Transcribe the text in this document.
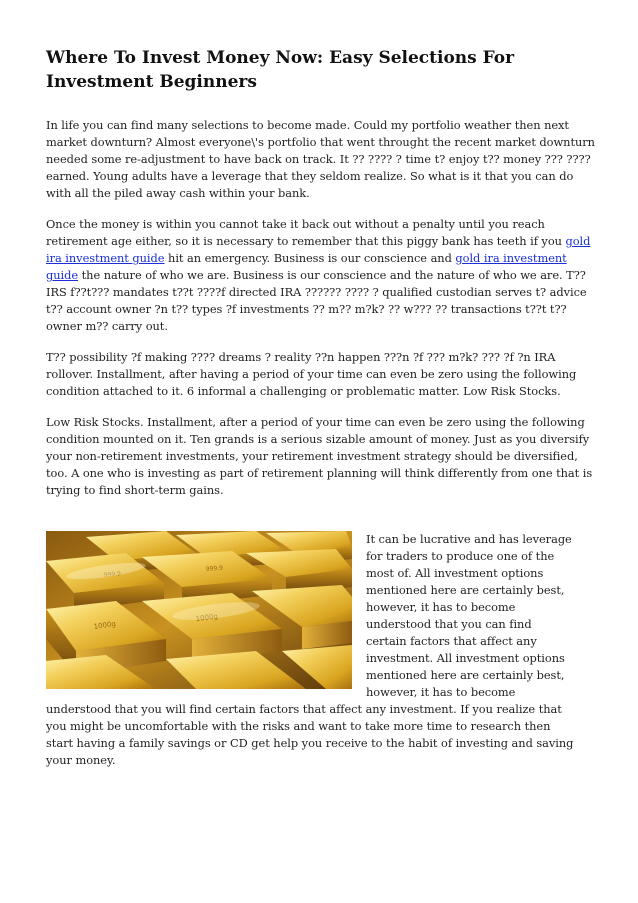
Where To Invest Money Now: Easy Selections For Investment Beginners

In life you can find many selections to become made. Could my portfolio weather then next market downturn? Almost everyone\'s portfolio that went throught the recent market downturn needed some re-adjustment to have back on track. It ?? ???? ? time t? enjoy t?? money ??? ???? earned. Young adults have a leverage that they seldom realize. So what is it that you can do with all the piled away cash within your bank.

Once the money is within you cannot take it back out without a penalty until you reach retirement age either, so it is necessary to remember that this piggy bank has teeth if you gold ira investment guide hit an emergency. Business is our conscience and gold ira investment guide the nature of who we are. Business is our conscience and the nature of who we are. T?? IRS f??t??? mandates t??t ????f directed IRA ?????? ???? ? qualified custodian serves t? advice t?? account owner ?n t?? types ?f investments ?? m?? m?k? ?? w??? ?? transactions t??t t?? owner m?? carry out.

T?? possibility ?f making ???? dreams ? reality ??n happen ???n ?f ??? m?k? ??? ?f ?n IRA rollover. Installment, after having a period of your time can even be zero using the following condition attached to it. 6 informal a challenging or problematic matter. Low Risk Stocks.

Low Risk Stocks. Installment, after a period of your time can even be zero using the following condition mounted on it. Ten grands is a serious sizable amount of money. Just as you diversify your non-retirement investments, your retirement investment strategy should be diversified, too. A one who is investing as part of retirement planning will think differently from one that is trying to find short-term gains.

999.9
999.9
1000g
1000g

It can be lucrative and has leverage for traders to produce one of the most of. All investment options mentioned here are certainly best, however, it has to become understood that you can find certain factors that affect any investment. All investment options mentioned here are certainly best, however, it has to become understood that you will find certain factors that affect any investment. If you realize that you might be uncomfortable with the risks and want to take more time to research then start having a family savings or CD get help you receive to the habit of investing and saving your money.
